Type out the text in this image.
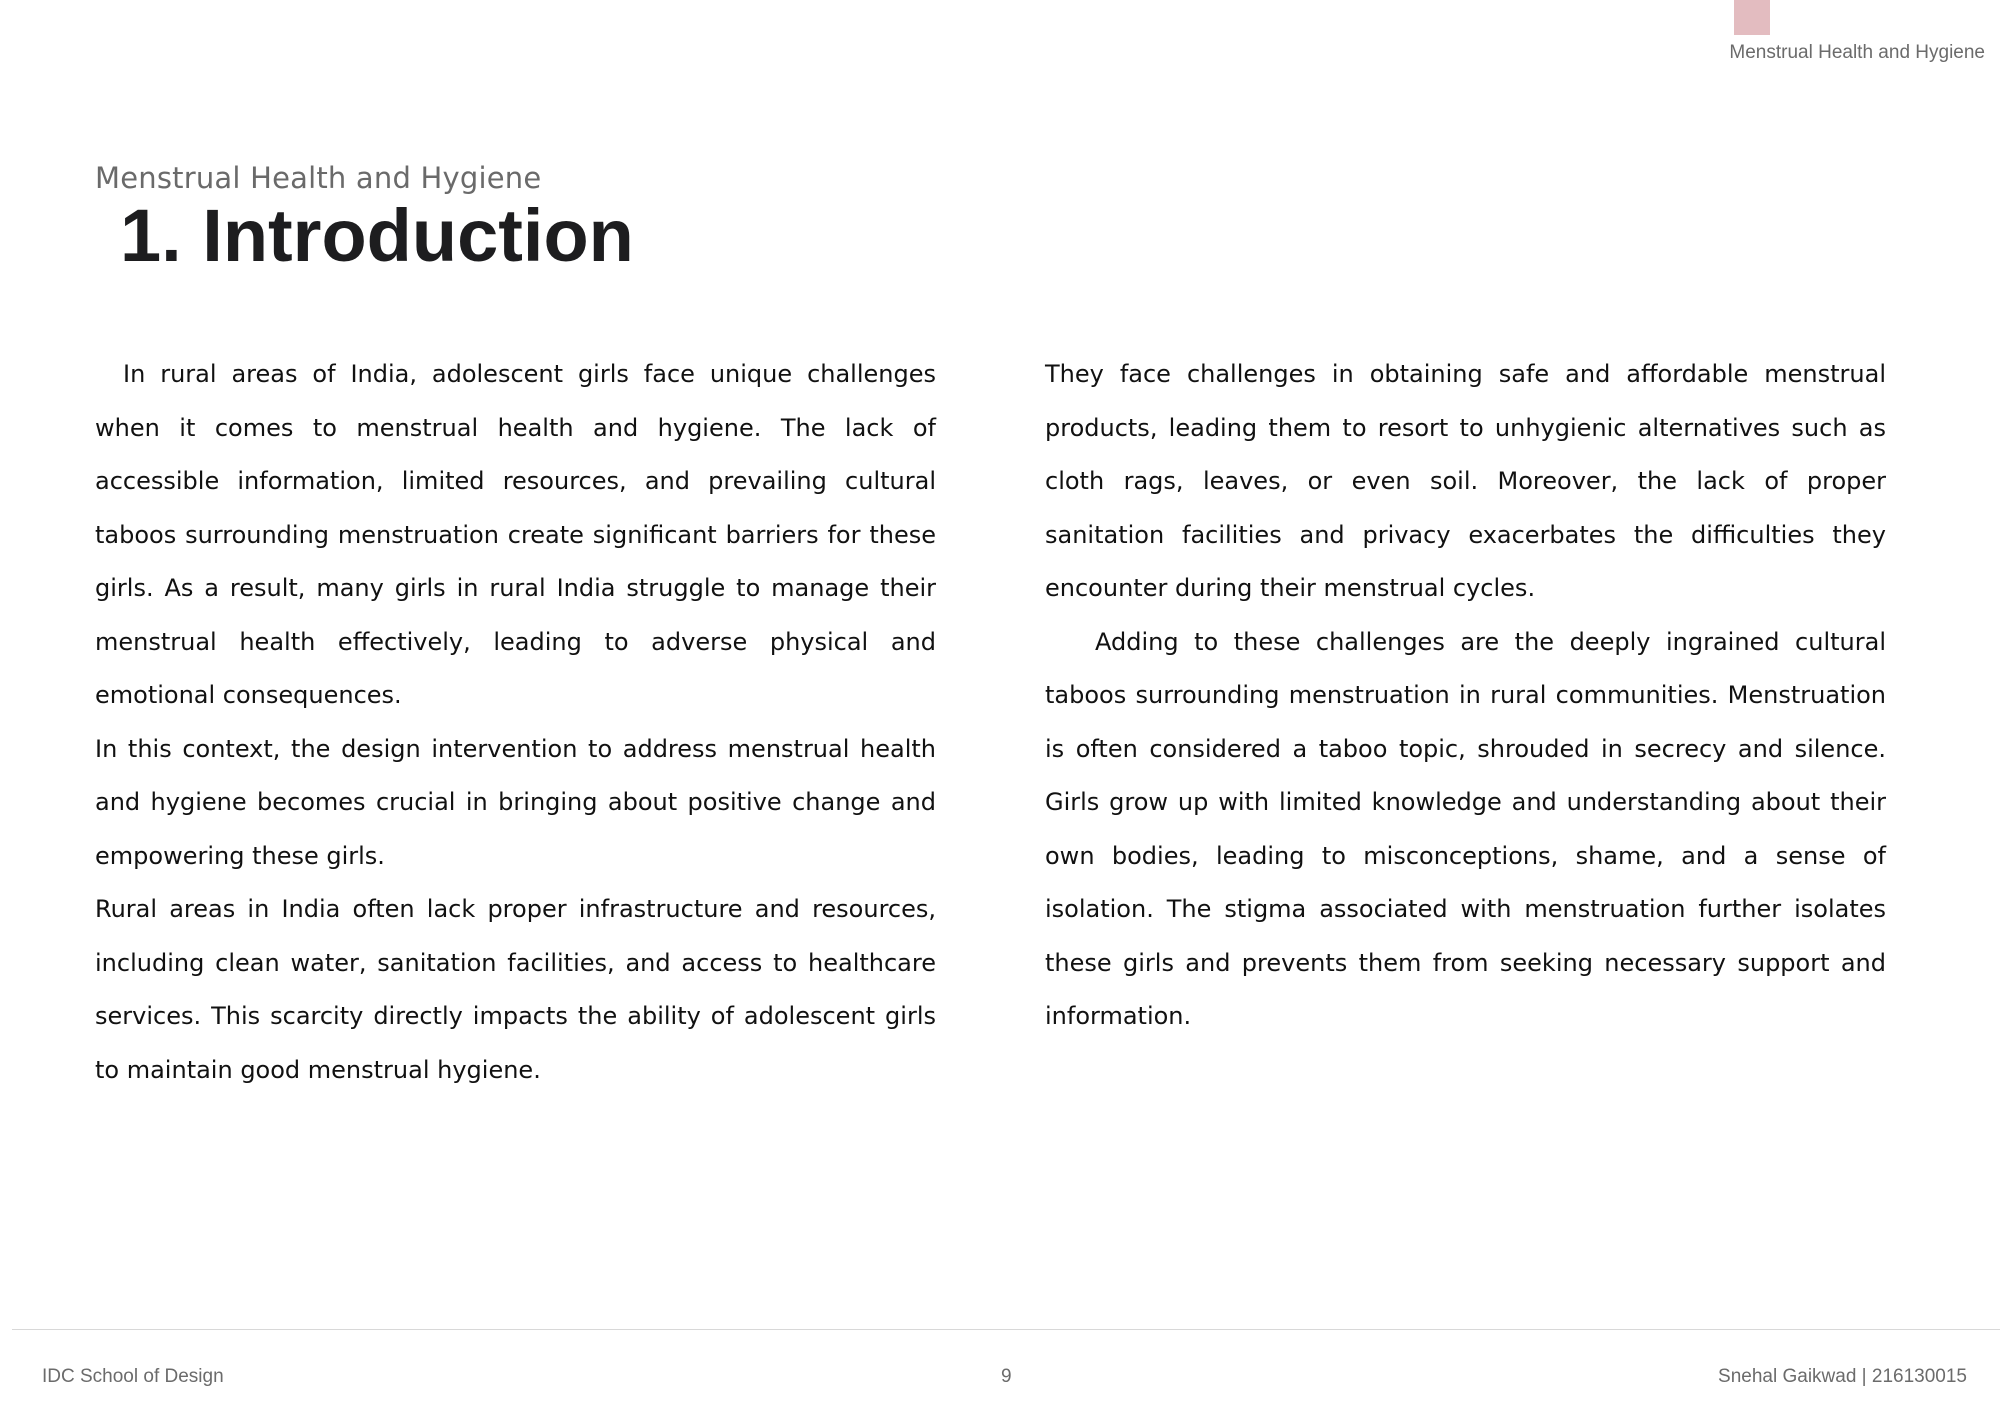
Menstrual Health and Hygiene
Menstrual Health and Hygiene
1. Introduction

In rural areas of India, adolescent girls face unique challenges when it comes to menstrual health and hygiene. The lack of accessible information, limited resources, and prevailing cultural taboos surrounding menstruation create significant barriers for these girls. As a result, many girls in rural India struggle to manage their menstrual health effectively, leading to adverse physical and emotional consequences.

In this context, the design intervention to address menstrual health and hygiene becomes crucial in bringing about positive change and empowering these girls.

Rural areas in India often lack proper infrastructure and resources, including clean water, sanitation facilities, and access to healthcare services. This scarcity directly impacts the ability of adolescent girls to maintain good menstrual hygiene.

They face challenges in obtaining safe and affordable menstrual products, leading them to resort to unhygienic alternatives such as cloth rags, leaves, or even soil. Moreover, the lack of proper sanitation facilities and privacy exacerbates the difficulties they encounter during their menstrual cycles.

Adding to these challenges are the deeply ingrained cultural taboos surrounding menstruation in rural communities. Menstruation is often considered a taboo topic, shrouded in secrecy and silence. Girls grow up with limited knowledge and understanding about their own bodies, leading to misconceptions, shame, and a sense of isolation. The stigma associated with menstruation further isolates these girls and prevents them from seeking necessary support and information.

IDC School of Design	9	Snehal Gaikwad | 216130015
